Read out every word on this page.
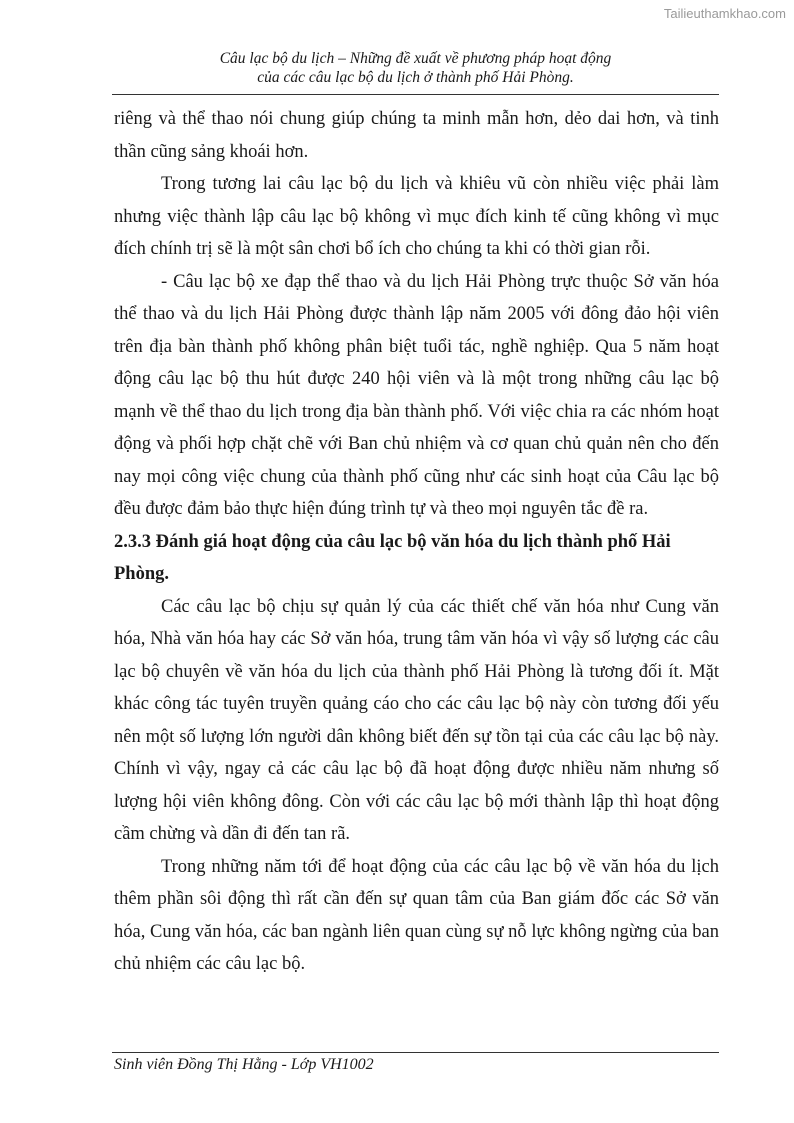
Tailieuthamkhao.com
Câu lạc bộ du lịch – Những đề xuất về phương pháp hoạt động
của các câu lạc bộ du lịch ở thành phố Hải Phòng.

riêng và thể thao nói chung giúp chúng ta minh mẫn hơn, dẻo dai hơn, và tinh thần cũng sảng khoái hơn.

Trong tương lai câu lạc bộ du lịch và khiêu vũ còn nhiều việc phải làm nhưng việc thành lập câu lạc bộ không vì mục đích kinh tế cũng không vì mục đích chính trị sẽ là một sân chơi bổ ích cho chúng ta khi có thời gian rỗi.

- Câu lạc bộ xe đạp thể thao và du lịch Hải Phòng trực thuộc Sở văn hóa thể thao và du lịch Hải Phòng được thành lập năm 2005 với đông đảo hội viên trên địa bàn thành phố không phân biệt tuổi tác, nghề nghiệp. Qua 5 năm hoạt động câu lạc bộ thu hút được 240 hội viên và là một trong những câu lạc bộ mạnh về thể thao du lịch trong địa bàn thành phố. Với việc chia ra các nhóm hoạt động và phối hợp chặt chẽ với Ban chủ nhiệm và cơ quan chủ quản nên cho đến nay mọi công việc chung của thành phố cũng như các sinh hoạt của Câu lạc bộ đều được đảm bảo thực hiện đúng trình tự và theo mọi nguyên tắc đề ra.

2.3.3 Đánh giá hoạt động của câu lạc bộ văn hóa du lịch thành phố Hải Phòng.

Các câu lạc bộ chịu sự quản lý của các thiết chế văn hóa như Cung văn hóa, Nhà văn hóa hay các Sở văn hóa, trung tâm văn hóa vì vậy số lượng các câu lạc bộ chuyên về văn hóa du lịch của thành phố Hải Phòng là tương đối ít. Mặt khác công tác tuyên truyền quảng cáo cho các câu lạc bộ này còn tương đối yếu nên một số lượng lớn người dân không biết đến sự tồn tại của các câu lạc bộ này. Chính vì vậy, ngay cả các câu lạc bộ đã hoạt động được nhiều năm nhưng số lượng hội viên không đông. Còn với các câu lạc bộ mới thành lập thì hoạt động cầm chừng và dần đi đến tan rã.

Trong những năm tới để hoạt động của các câu lạc bộ về văn hóa du lịch thêm phần sôi động thì rất cần đến sự quan tâm của Ban giám đốc các Sở văn hóa, Cung văn hóa, các ban ngành liên quan cùng sự nỗ lực không ngừng của ban chủ nhiệm các câu lạc bộ.

Sinh viên Đồng Thị Hằng - Lớp VH1002
